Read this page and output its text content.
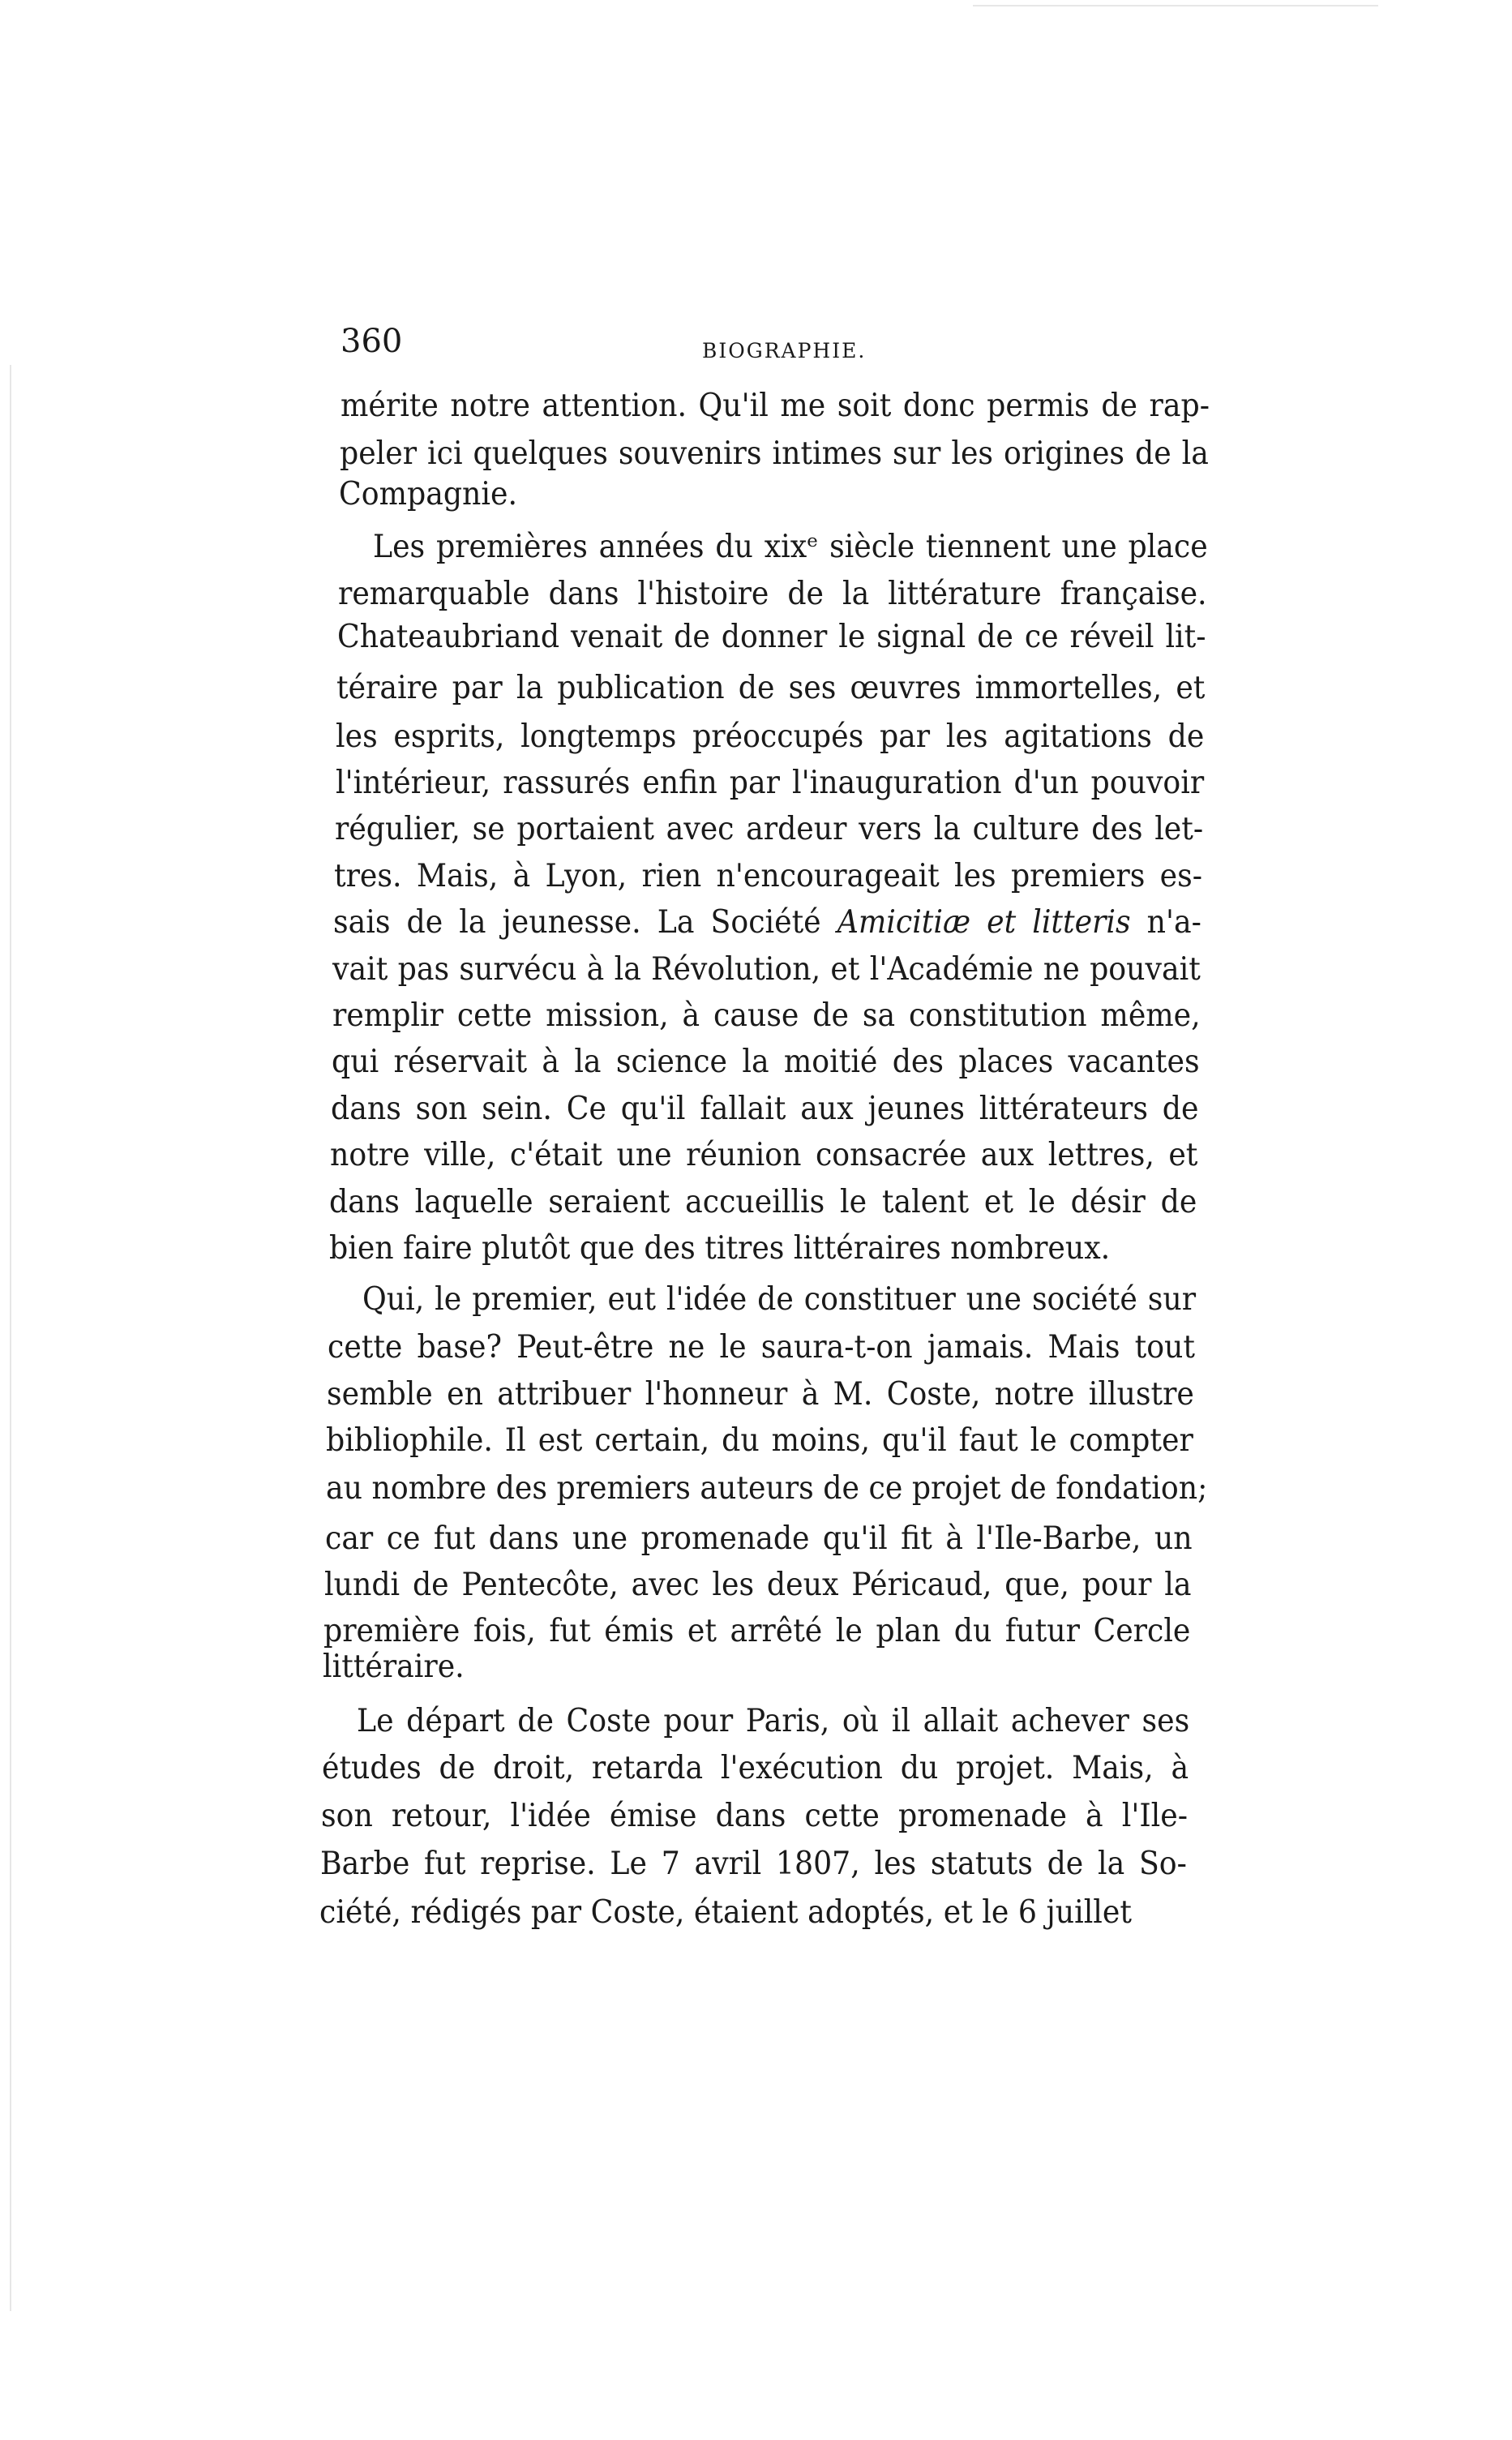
360	BIOGRAPHIE.
mérite notre attention. Qu'il me soit donc permis de rap-
peler ici quelques souvenirs intimes sur les origines de la
Compagnie.
Les premières années du xixᵉ siècle tiennent une place
remarquable dans l'histoire de la littérature française.
Chateaubriand venait de donner le signal de ce réveil lit-
téraire par la publication de ses œuvres immortelles, et
les esprits, longtemps préoccupés par les agitations de
l'intérieur, rassurés enfin par l'inauguration d'un pouvoir
régulier, se portaient avec ardeur vers la culture des let-
tres. Mais, à Lyon, rien n'encourageait les premiers es-
sais de la jeunesse. La Société Amicitiæ et litteris n'a-
vait pas survécu à la Révolution, et l'Académie ne pouvait
remplir cette mission, à cause de sa constitution même,
qui réservait à la science la moitié des places vacantes
dans son sein. Ce qu'il fallait aux jeunes littérateurs de
notre ville, c'était une réunion consacrée aux lettres, et
dans laquelle seraient accueillis le talent et le désir de
bien faire plutôt que des titres littéraires nombreux.
Qui, le premier, eut l'idée de constituer une société sur
cette base? Peut-être ne le saura-t-on jamais. Mais tout
semble en attribuer l'honneur à M. Coste, notre illustre
bibliophile. Il est certain, du moins, qu'il faut le compter
au nombre des premiers auteurs de ce projet de fondation;
car ce fut dans une promenade qu'il fit à l'Ile-Barbe, un
lundi de Pentecôte, avec les deux Péricaud, que, pour la
première fois, fut émis et arrêté le plan du futur Cercle
littéraire.
Le départ de Coste pour Paris, où il allait achever ses
études de droit, retarda l'exécution du projet. Mais, à
son retour, l'idée émise dans cette promenade à l'Ile-
Barbe fut reprise. Le 7 avril 1807, les statuts de la So-
ciété, rédigés par Coste, étaient adoptés, et le 6 juillet
